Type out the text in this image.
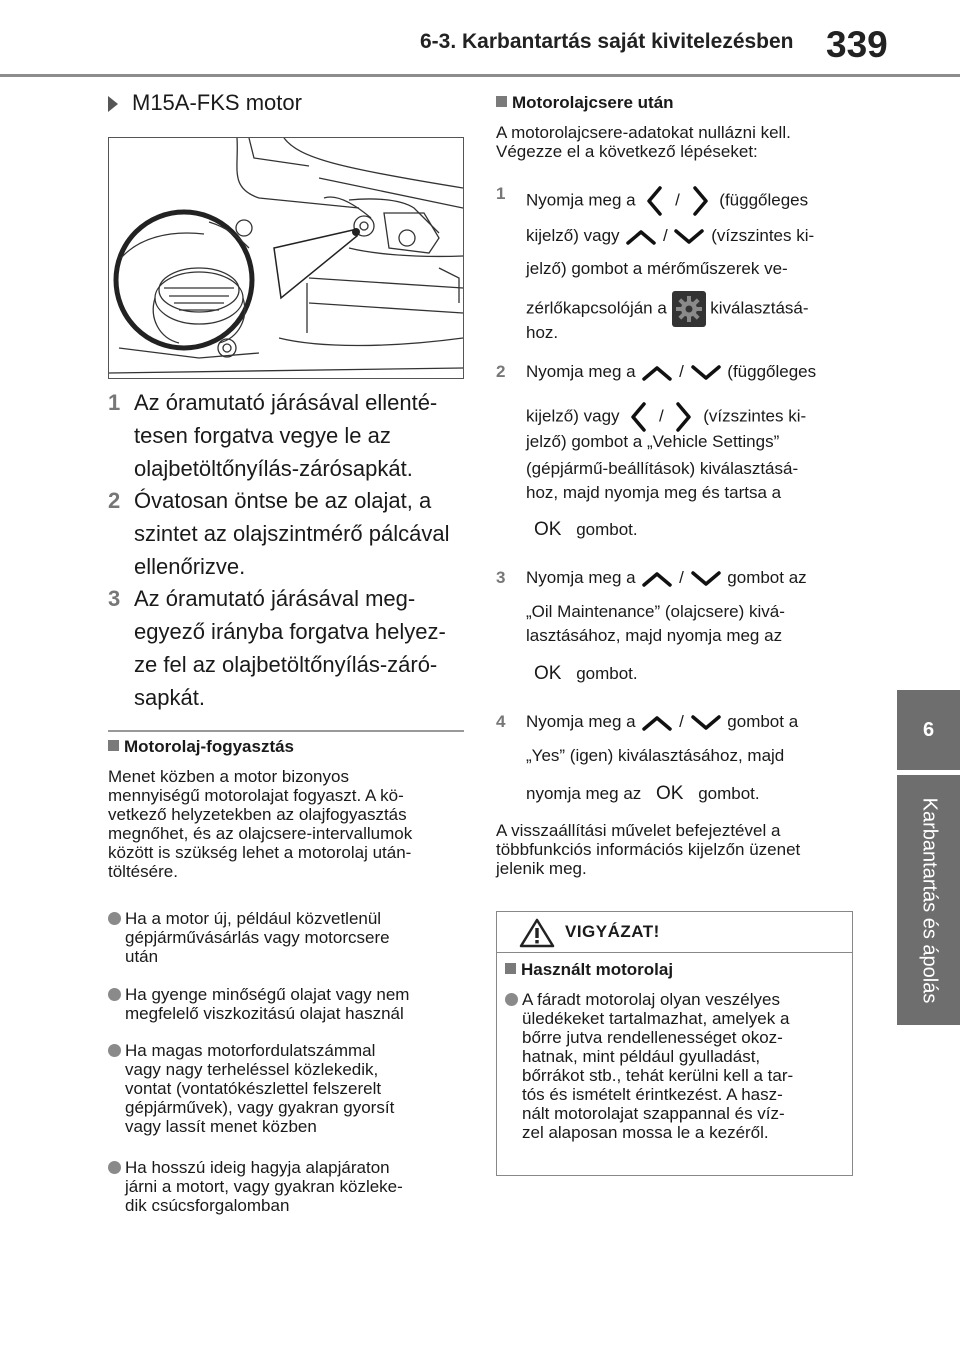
6-3. Karbantartás saját kivitelezésben 339
6
Karbantartás és ápolás
M15A-FKS motor
1 Az óramutató járásával ellenté-
tesen forgatva vegye le az
olajbetöltőnyílás-zárósapkát.
2 Óvatosan öntse be az olajat, a
szintet az olajszintmérő pálcával
ellenőrizve.
3 Az óramutató járásával meg-
egyező irányba forgatva helyez-
ze fel az olajbetöltőnyílás-záró-
sapkát.
Motorolaj-fogyasztás
Menet közben a motor bizonyos
mennyiségű motorolajat fogyaszt. A kö-
vetkező helyzetekben az olajfogyasztás
megnőhet, és az olajcsere-intervallumok
között is szükség lehet a motorolaj után-
töltésére.
Ha a motor új, például közvetlenül
gépjárművásárlás vagy motorcsere
után
Ha gyenge minőségű olajat vagy nem
megfelelő viszkozitású olajat használ
Ha magas motorfordulatszámmal
vagy nagy terheléssel közlekedik,
vontat (vontatókészlettel felszerelt
gépjárművek), vagy gyakran gyorsít
vagy lassít menet közben
Ha hosszú ideig hagyja alapjáraton
járni a motort, vagy gyakran közleke-
dik csúcsforgalomban
Motorolajcsere után
A motorolajcsere-adatokat nullázni kell.
Végezze el a következő lépéseket:
1 Nyomja meg a / (függőleges
kijelző) vagy	/	(vízszintes ki-
jelző) gombot a mérőműszerek ve-
zérlőkapcsolóján a	kiválasztásá-
hoz.
2 Nyomja meg a	/	(függőleges
kijelző) vagy / (vízszintes ki-
jelző) gombot a „Vehicle Settings”
(gépjármű-beállítások) kiválasztásá-
hoz, majd nyomja meg és tartsa a
OK gombot.
3 Nyomja meg a	/	gombot az
„Oil Maintenance” (olajcsere) kivá-
lasztásához, majd nyomja meg az
OK gombot.
4 Nyomja meg a	/	gombot a
„Yes” (igen) kiválasztásához, majd
nyomja meg az OK gombot.
A visszaállítási művelet befejeztével a
többfunkciós információs kijelzőn üzenet
jelenik meg.
VIGYÁZAT!
Használt motorolaj
A fáradt motorolaj olyan veszélyes
üledékeket tartalmazhat, amelyek a
bőrre jutva rendellenességet okoz-
hatnak, mint például gyulladást,
bőrrákot stb., tehát kerülni kell a tar-
tós és ismételt érintkezést. A hasz-
nált motorolajat szappannal és víz-
zel alaposan mossa le a kezéről.
